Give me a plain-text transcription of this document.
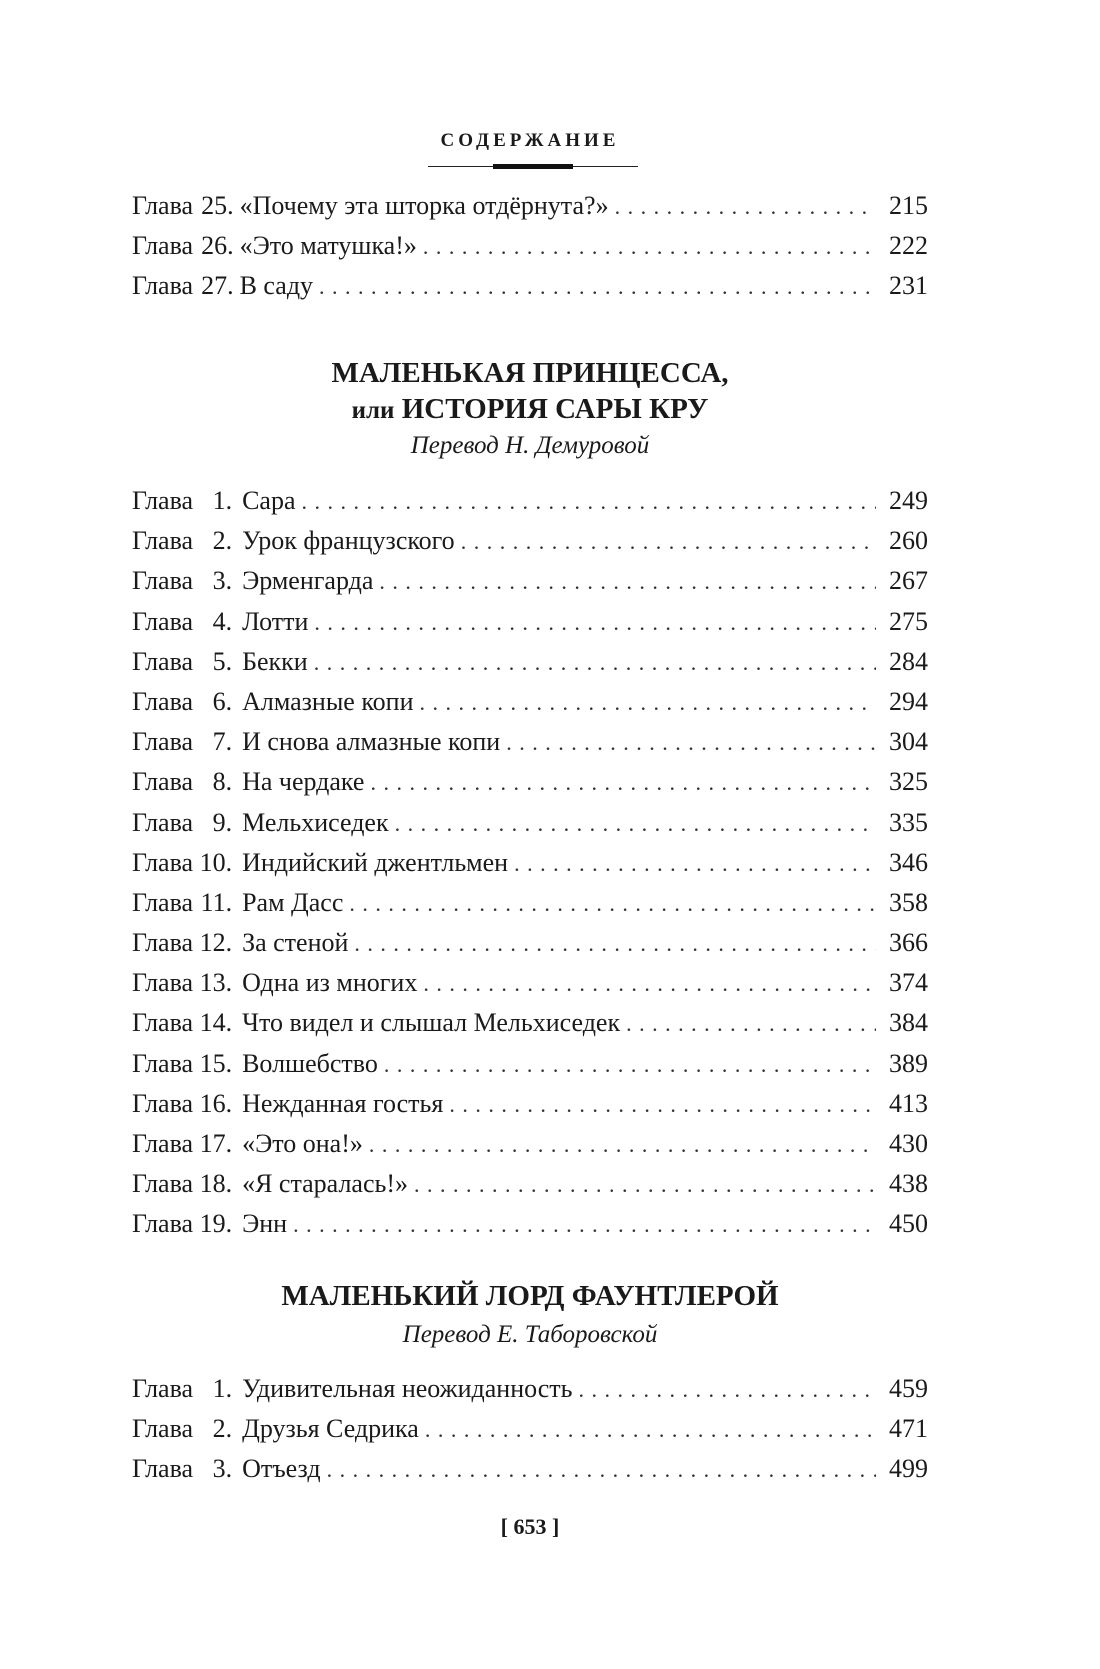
СОДЕРЖАНИЕ
Глава 25. «Почему эта шторка отдёрнута?» . . .	215
Глава 26. «Это матушка!» . . .	222
Глава 27. В саду . . .	231
МАЛЕНЬКАЯ ПРИНЦЕССА,
или ИСТОРИЯ САРЫ КРУ
Перевод Н. Демуровой
Глава 1. Сара . . .	249
Глава 2. Урок французского . . .	260
Глава 3. Эрменгарда . . .	267
Глава 4. Лотти . . .	275
Глава 5. Бекки . . .	284
Глава 6. Алмазные копи . . .	294
Глава 7. И снова алмазные копи . . .	304
Глава 8. На чердаке . . .	325
Глава 9. Мельхиседек . . .	335
Глава 10. Индийский джентльмен . . .	346
Глава 11. Рам Дасс . . .	358
Глава 12. За стеной . . .	366
Глава 13. Одна из многих . . .	374
Глава 14. Что видел и слышал Мельхиседек . . .	384
Глава 15. Волшебство . . .	389
Глава 16. Нежданная гостья . . .	413
Глава 17. «Это она!» . . .	430
Глава 18. «Я старалась!» . . .	438
Глава 19. Энн . . .	450
МАЛЕНЬКИЙ ЛОРД ФАУНТЛЕРОЙ
Перевод Е. Таборовской
Глава 1. Удивительная неожиданность . . .	459
Глава 2. Друзья Седрика . . .	471
Глава 3. Отъезд . . .	499
[ 653 ]
